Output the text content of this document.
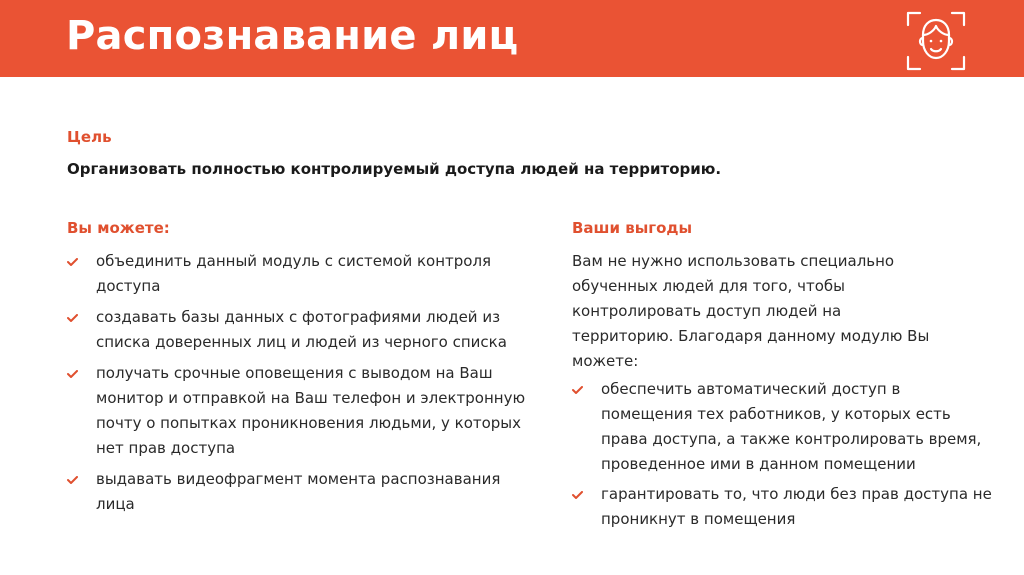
Распознавание лиц
Цель
Организовать полностью контролируемый доступа людей на территорию.
Вы можете:
объединить данный модуль с системой контроля доступа
создавать базы данных с фотографиями людей из списка доверенных лиц и людей из черного списка
получать срочные оповещения с выводом на Ваш монитор и отправкой на Ваш телефон и электронную почту о попытках проникновения людьми, у которых нет прав доступа
выдавать видеофрагмент момента распознавания лица
Ваши выгоды
Вам не нужно использовать специально обученных людей для того, чтобы контролировать доступ людей на территорию. Благодаря данному модулю Вы можете:
обеспечить автоматический доступ в помещения тех работников, у которых есть права доступа, а также контролировать время, проведенное ими в данном помещении
гарантировать то, что люди без прав доступа не проникнут в помещения
